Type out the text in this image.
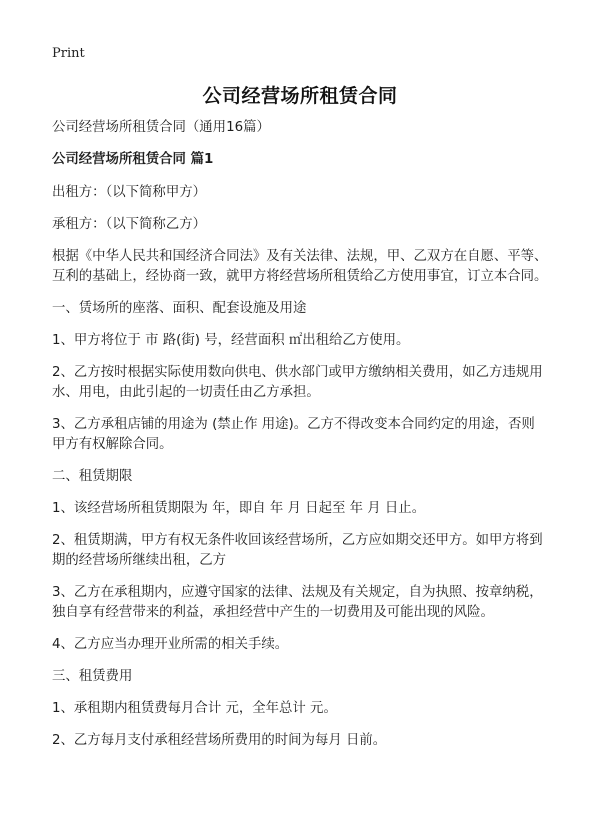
Print
公司经营场所租赁合同

公司经营场所租赁合同（通用16篇）

公司经营场所租赁合同 篇1

出租方：（以下简称甲方）

承租方：（以下简称乙方）

根据《中华人民共和国经济合同法》及有关法律、法规，甲、乙双方在自愿、平等、互利的基础上，经协商一致，就甲方将经营场所租赁给乙方使用事宜，订立本合同。

一、赁场所的座落、面积、配套设施及用途

1、甲方将位于 市 路(街) 号，经营面积 ㎡出租给乙方使用。

2、乙方按时根据实际使用数向供电、供水部门或甲方缴纳相关费用，如乙方违规用水、用电，由此引起的一切责任由乙方承担。

3、乙方承租店铺的用途为 (禁止作 用途)。乙方不得改变本合同约定的用途，否则甲方有权解除合同。

二、租赁期限

1、该经营场所租赁期限为 年，即自 年 月 日起至 年 月 日止。

2、租赁期满，甲方有权无条件收回该经营场所，乙方应如期交还甲方。如甲方将到期的经营场所继续出租，乙方

3、乙方在承租期内，应遵守国家的法律、法规及有关规定，自为执照、按章纳税，独自享有经营带来的利益，承担经营中产生的一切费用及可能出现的风险。

4、乙方应当办理开业所需的相关手续。

三、租赁费用

1、承租期内租赁费每月合计 元，全年总计 元。

2、乙方每月支付承租经营场所费用的时间为每月 日前。
